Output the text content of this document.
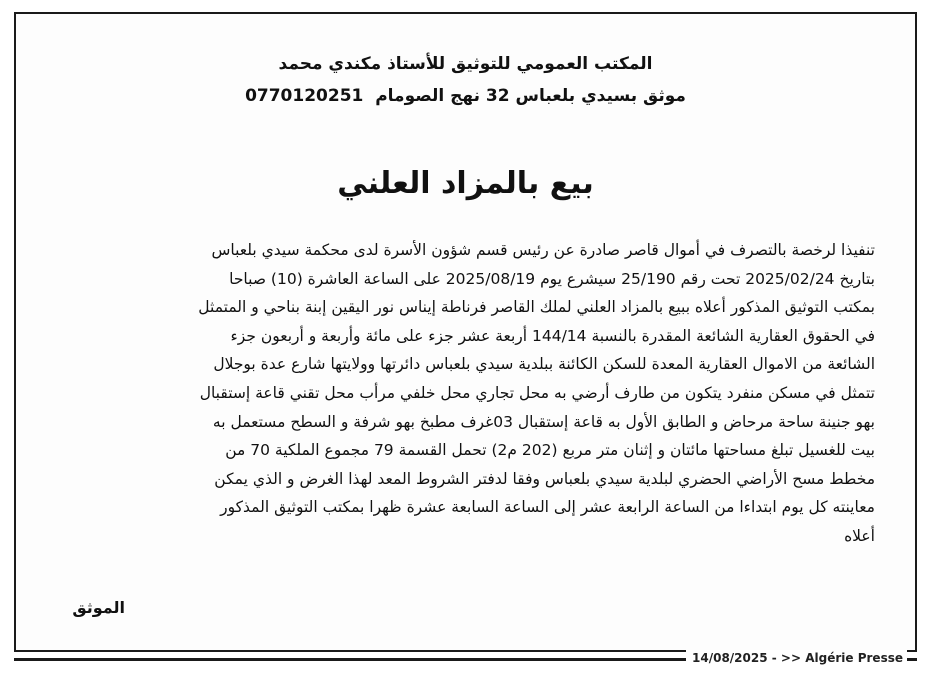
المكتب العمومي للتوثيق للأستاذ مكندي محمد
موثق بسيدي بلعباس 32 نهج الصومام  0770120251
بيع بالمزاد العلني

تنفيذا لرخصة بالتصرف في أموال قاصر صادرة عن رئيس قسم شؤون الأسرة لدى محكمة سيدي بلعباس
بتاريخ 2025/02/24 تحت رقم 25/190 سيشرع يوم 2025/08/19 على الساعة العاشرة (10) صباحا
بمكتب التوثيق المذكور أعلاه ببيع بالمزاد العلني لملك القاصر فرناطة إيناس نور اليقين إبنة بناحي و المتمثل
في الحقوق العقارية الشائعة المقدرة بالنسبة 144/14 أربعة عشر جزء على مائة وأربعة و أربعون جزء
الشائعة من الاموال العقارية المعدة للسكن الكائنة ببلدية سيدي بلعباس دائرتها وولايتها شارع عدة بوجلال
تتمثل في مسكن منفرد يتكون من طارف أرضي به محل تجاري محل خلفي مرأب محل تقني قاعة إستقبال
بهو جنينة ساحة مرحاض و الطابق الأول به قاعة إستقبال 03غرف مطبخ بهو شرفة و السطح مستعمل به
بيت للغسيل تبلغ مساحتها مائتان و إثنان متر مربع (202 م2) تحمل القسمة 79 مجموع الملكية 70 من
مخطط مسح الأراضي الحضري لبلدية سيدي بلعباس وفقا لدفتر الشروط المعد لهذا الغرض و الذي يمكن
معاينته كل يوم ابتداءا من الساعة الرابعة عشر إلى الساعة السابعة عشرة ظهرا بمكتب التوثيق المذكور
أعلاه

الموثق
14/08/2025 - >> Algérie Presse
